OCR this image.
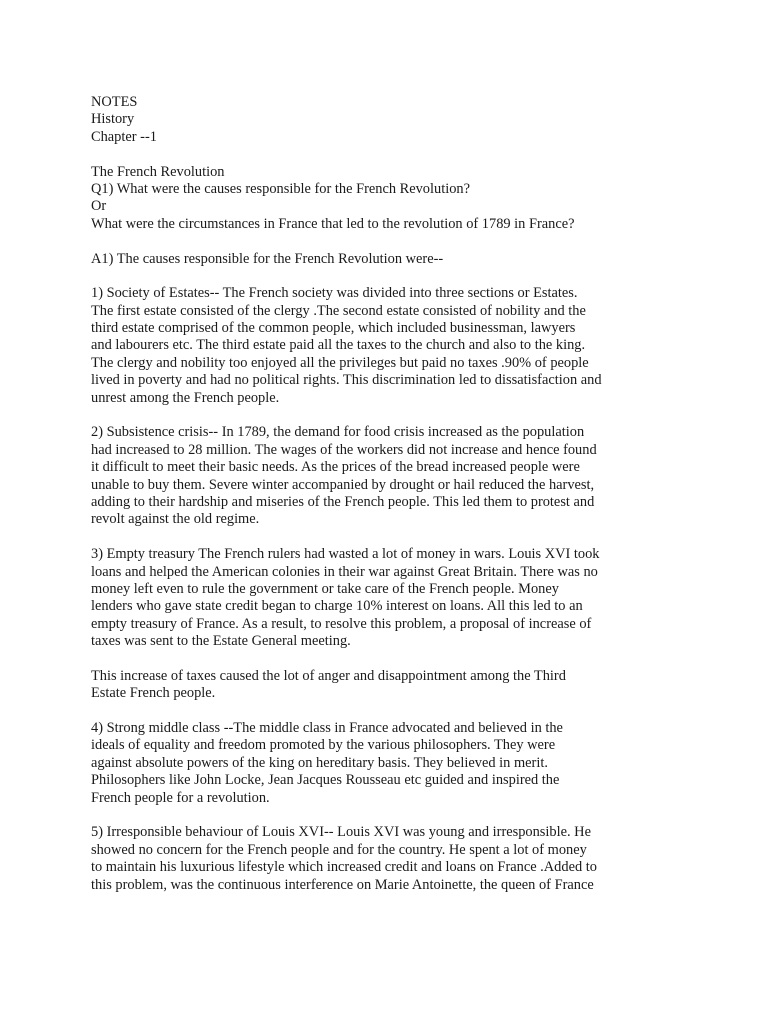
NOTES
History
Chapter --1
The French Revolution
Q1) What were the causes responsible for the French Revolution?
Or
What were the circumstances in France that led to the revolution of 1789 in France?
A1) The causes responsible for the French Revolution were--
1) Society of Estates-- The French society was divided into three sections or Estates.
The first estate consisted of the clergy .The second estate consisted of nobility and the
third estate comprised of the common people, which included businessman, lawyers
and labourers etc. The third estate paid all the taxes to the church and also to the king.
The clergy and nobility too enjoyed all the privileges but paid no taxes .90% of people
lived in poverty and had no political rights. This discrimination led to dissatisfaction and
unrest among the French people.
2) Subsistence crisis-- In 1789, the demand for food crisis increased as the population
had increased to 28 million. The wages of the workers did not increase and hence found
it difficult to meet their basic needs. As the prices of the bread increased people were
unable to buy them. Severe winter accompanied by drought or hail reduced the harvest,
adding to their hardship and miseries of the French people. This led them to protest and
revolt against the old regime.
3) Empty treasury The French rulers had wasted a lot of money in wars. Louis XVI took
loans and helped the American colonies in their war against Great Britain. There was no
money left even to rule the government or take care of the French people. Money
lenders who gave state credit began to charge 10% interest on loans. All this led to an
empty treasury of France. As a result, to resolve this problem, a proposal of increase of
taxes was sent to the Estate General meeting.
This increase of taxes caused the lot of anger and disappointment among the Third
Estate French people.
4) Strong middle class --The middle class in France advocated and believed in the
ideals of equality and freedom promoted by the various philosophers. They were
against absolute powers of the king on hereditary basis. They believed in merit.
Philosophers like John Locke, Jean Jacques Rousseau etc guided and inspired the
French people for a revolution.
5) Irresponsible behaviour of Louis XVI-- Louis XVI was young and irresponsible. He
showed no concern for the French people and for the country. He spent a lot of money
to maintain his luxurious lifestyle which increased credit and loans on France .Added to
this problem, was the continuous interference on Marie Antoinette, the queen of France
